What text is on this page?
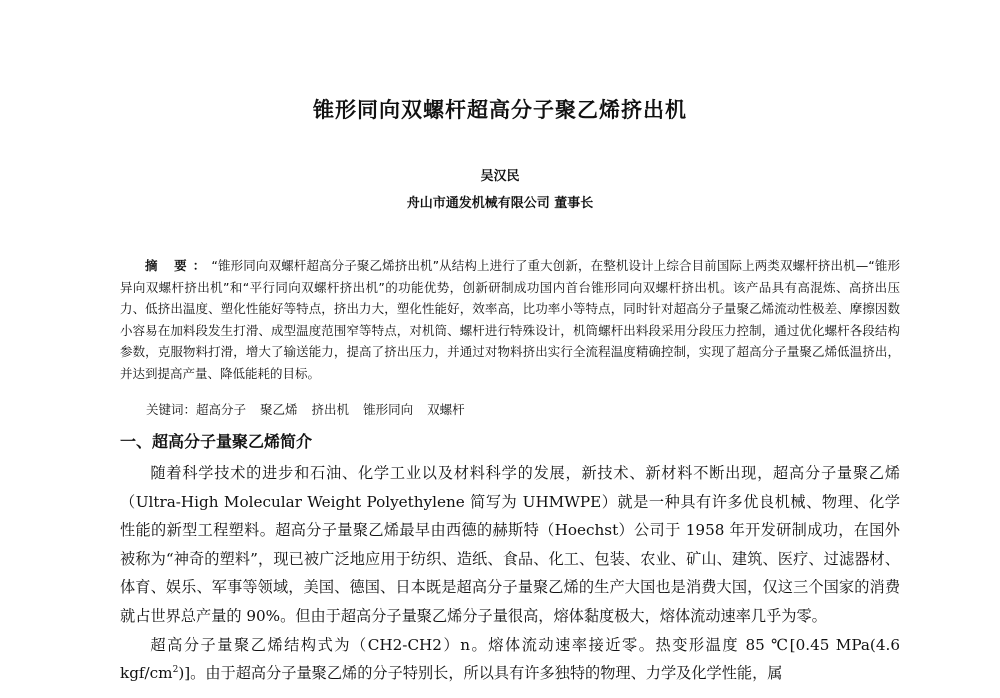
锥形同向双螺杆超高分子聚乙烯挤出机
吴汉民
舟山市通发机械有限公司 董事长
摘 要：“锥形同向双螺杆超高分子聚乙烯挤出机”从结构上进行了重大创新，在整机设计上综合目前国际上两类双螺杆挤出机—“锥形异向双螺杆挤出机”和“平行同向双螺杆挤出机”的功能优势，创新研制成功国内首台锥形同向双螺杆挤出机。该产品具有高混炼、高挤出压力、低挤出温度、塑化性能好等特点，挤出力大，塑化性能好，效率高，比功率小等特点，同时针对超高分子量聚乙烯流动性极差、摩擦因数小容易在加料段发生打滑、成型温度范围窄等特点，对机筒、螺杆进行特殊设计，机筒螺杆出料段采用分段压力控制，通过优化螺杆各段结构参数，克服物料打滑，增大了输送能力，提高了挤出压力，并通过对物料挤出实行全流程温度精确控制，实现了超高分子量聚乙烯低温挤出，并达到提高产量、降低能耗的目标。
关键词：超高分子 聚乙烯 挤出机 锥形同向 双螺杆
一、超高分子量聚乙烯简介

随着科学技术的进步和石油、化学工业以及材料科学的发展，新技术、新材料不断出现，超高分子量聚乙烯（Ultra-High Molecular Weight Polyethylene 简写为 UHMWPE）就是一种具有许多优良机械、物理、化学性能的新型工程塑料。超高分子量聚乙烯最早由西德的赫斯特（Hoechst）公司于 1958 年开发研制成功，在国外被称为“神奇的塑料”，现已被广泛地应用于纺织、造纸、食品、化工、包装、农业、矿山、建筑、医疗、过滤器材、体育、娱乐、军事等领域，美国、德国、日本既是超高分子量聚乙烯的生产大国也是消费大国，仅这三个国家的消费就占世界总产量的 90%。但由于超高分子量聚乙烯分子量很高，熔体黏度极大，熔体流动速率几乎为零。

超高分子量聚乙烯结构式为（CH2-CH2）n。熔体流动速率接近零。热变形温度 85 ℃[0.45 MPa(4.6 kgf/$cm^2$)]。由于超高分子量聚乙烯的分子特别长，所以具有许多独特的物理、力学及化学性能，属
